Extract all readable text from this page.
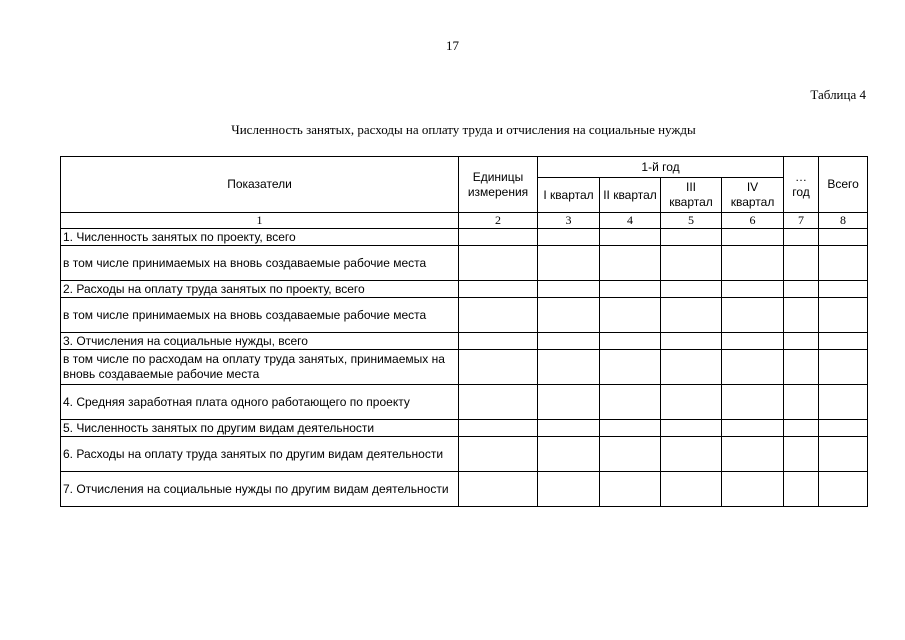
17
Таблица 4
Численность занятых, расходы на оплату труда и отчисления на социальные нужды
Показатели	Единицы измерения	1-й год				… год	Всего
		I квартал	II квартал	III квартал	IV квартал		
1	2	3	4	5	6	7	8
1. Численность занятых по проекту, всего							
в том числе принимаемых на вновь создаваемые рабочие места							
2. Расходы на оплату труда занятых по проекту, всего							
в том числе принимаемых на вновь создаваемые рабочие места							
3. Отчисления на социальные нужды, всего							
в том числе по расходам на оплату труда занятых, принимаемых на вновь создаваемые рабочие места							
4. Средняя заработная плата одного работающего по проекту							
5. Численность занятых по другим видам деятельности							
6. Расходы на оплату труда занятых по другим видам деятельности							
7. Отчисления на социальные нужды по другим видам деятельности							
